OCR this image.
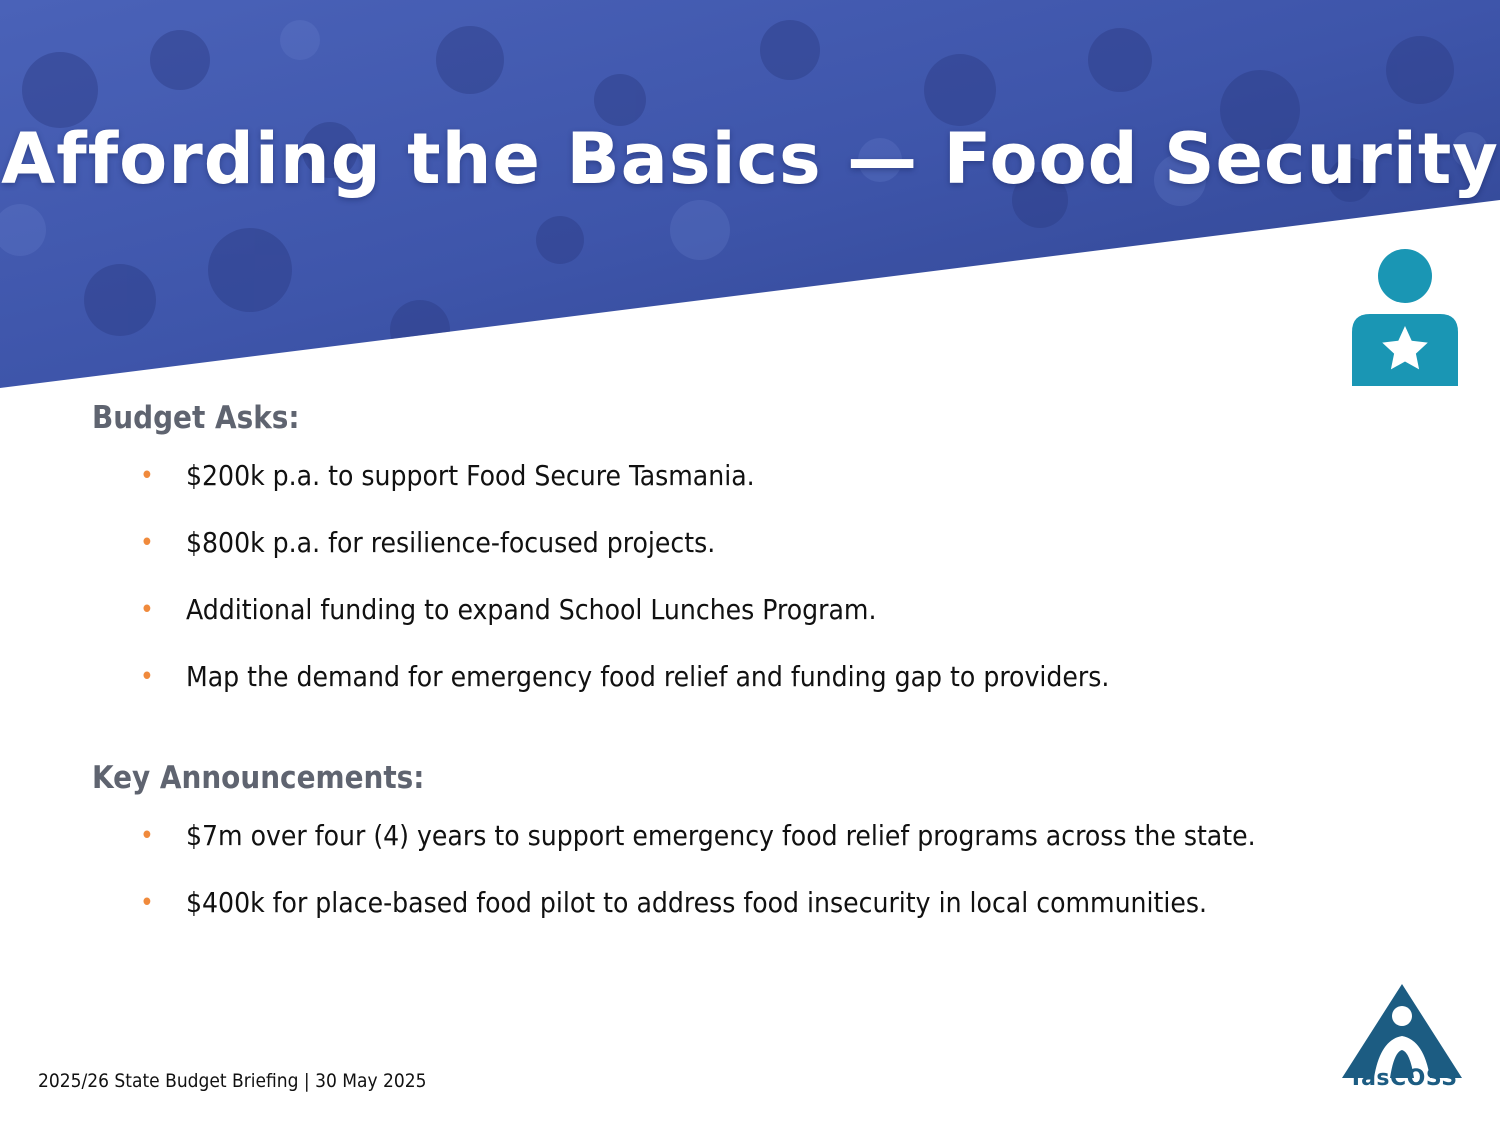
Affording the Basics — Food Security
Budget Asks:
• $200k p.a. to support Food Secure Tasmania.
• $800k p.a. for resilience-focused projects.
• Additional funding to expand School Lunches Program.
• Map the demand for emergency food relief and funding gap to providers.
Key Announcements:
• $7m over four (4) years to support emergency food relief programs across the state.
• $400k for place-based food pilot to address food insecurity in local communities.

2025/26 State Budget Briefing | 30 May 2025	TasCOSS
